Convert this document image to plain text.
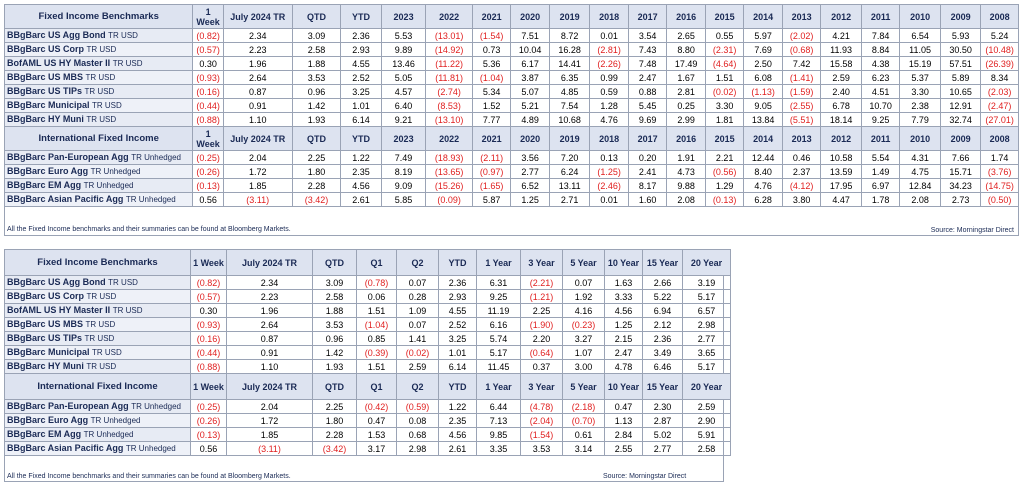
Fixed Income Benchmarks	1 Week	July 2024 TR	QTD	YTD	2023	2022	2021	2020	2019	2018	2017	2016	2015	2014	2013	2012	2011	2010	2009	2008
BBgBarc US Agg Bond TR USD	(0.82)	2.34	3.09	2.36	5.53	(13.01)	(1.54)	7.51	8.72	0.01	3.54	2.65	0.55	5.97	(2.02)	4.21	7.84	6.54	5.93	5.24
BBgBarc US Corp TR USD	(0.57)	2.23	2.58	2.93	9.89	(14.92)	0.73	10.04	16.28	(2.81)	7.43	8.80	(2.31)	7.69	(0.68)	11.93	8.84	11.05	30.50	(10.48)
BofAML US HY Master II TR USD	0.30	1.96	1.88	4.55	13.46	(11.22)	5.36	6.17	14.41	(2.26)	7.48	17.49	(4.64)	2.50	7.42	15.58	4.38	15.19	57.51	(26.39)
BBgBarc US MBS TR USD	(0.93)	2.64	3.53	2.52	5.05	(11.81)	(1.04)	3.87	6.35	0.99	2.47	1.67	1.51	6.08	(1.41)	2.59	6.23	5.37	5.89	8.34
BBgBarc US TIPs TR USD	(0.16)	0.87	0.96	3.25	4.57	(2.74)	5.34	5.07	4.85	0.59	0.88	2.81	(0.02)	(1.13)	(1.59)	2.40	4.51	3.30	10.65	(2.03)
BBgBarc Municipal TR USD	(0.44)	0.91	1.42	1.01	6.40	(8.53)	1.52	5.21	7.54	1.28	5.45	0.25	3.30	9.05	(2.55)	6.78	10.70	2.38	12.91	(2.47)
BBgBarc HY Muni TR USD	(0.88)	1.10	1.93	6.14	9.21	(13.10)	7.77	4.89	10.68	4.76	9.69	2.99	1.81	13.84	(5.51)	18.14	9.25	7.79	32.74	(27.01)
International Fixed Income	1 Week	July 2024 TR	QTD	YTD	2023	2022	2021	2020	2019	2018	2017	2016	2015	2014	2013	2012	2011	2010	2009	2008
BBgBarc Pan-European Agg TR Unhedged	(0.25)	2.04	2.25	1.22	7.49	(18.93)	(2.11)	3.56	7.20	0.13	0.20	1.91	2.21	12.44	0.46	10.58	5.54	4.31	7.66	1.74
BBgBarc Euro Agg TR Unhedged	(0.26)	1.72	1.80	2.35	8.19	(13.65)	(0.97)	2.77	6.24	(1.25)	2.41	4.73	(0.56)	8.40	2.37	13.59	1.49	4.75	15.71	(3.76)
BBgBarc EM Agg TR Unhedged	(0.13)	1.85	2.28	4.56	9.09	(15.26)	(1.65)	6.52	13.11	(2.46)	8.17	9.88	1.29	4.76	(4.12)	17.95	6.97	12.84	34.23	(14.75)
BBgBarc Asian Pacific Agg TR Unhedged	0.56	(3.11)	(3.42)	2.61	5.85	(0.09)	5.87	1.25	2.71	0.01	1.60	2.08	(0.13)	6.28	3.80	4.47	1.78	2.08	2.73	(0.50)
All the Fixed Income benchmarks and their summaries can be found at Bloomberg Markets.	Source: Morningstar Direct
Fixed Income Benchmarks	1 Week	July 2024 TR	QTD	Q1	Q2	YTD	1 Year	3 Year	5 Year	10 Year	15 Year	20 Year
BBgBarc US Agg Bond TR USD	(0.82)	2.34	3.09	(0.78)	0.07	2.36	6.31	(2.21)	0.07	1.63	2.66	3.19
BBgBarc US Corp TR USD	(0.57)	2.23	2.58	0.06	0.28	2.93	9.25	(1.21)	1.92	3.33	5.22	5.17
BofAML US HY Master II TR USD	0.30	1.96	1.88	1.51	1.09	4.55	11.19	2.25	4.16	4.56	6.94	6.57
BBgBarc US MBS TR USD	(0.93)	2.64	3.53	(1.04)	0.07	2.52	6.16	(1.90)	(0.23)	1.25	2.12	2.98
BBgBarc US TIPs TR USD	(0.16)	0.87	0.96	0.85	1.41	3.25	5.74	2.20	3.27	2.15	2.36	2.77
BBgBarc Municipal TR USD	(0.44)	0.91	1.42	(0.39)	(0.02)	1.01	5.17	(0.64)	1.07	2.47	3.49	3.65
BBgBarc HY Muni TR USD	(0.88)	1.10	1.93	1.51	2.59	6.14	11.45	0.37	3.00	4.78	6.46	5.17
International Fixed Income	1 Week	July 2024 TR	QTD	Q1	Q2	YTD	1 Year	3 Year	5 Year	10 Year	15 Year	20 Year
BBgBarc Pan-European Agg TR Unhedged	(0.25)	2.04	2.25	(0.42)	(0.59)	1.22	6.44	(4.78)	(2.18)	0.47	2.30	2.59
BBgBarc Euro Agg TR Unhedged	(0.26)	1.72	1.80	0.47	0.08	2.35	7.13	(2.04)	(0.70)	1.13	2.87	2.90
BBgBarc EM Agg TR Unhedged	(0.13)	1.85	2.28	1.53	0.68	4.56	9.85	(1.54)	0.61	2.84	5.02	5.91
BBgBarc Asian Pacific Agg TR Unhedged	0.56	(3.11)	(3.42)	3.17	2.98	2.61	3.35	3.53	3.14	2.55	2.77	2.58
All the Fixed Income benchmarks and their summaries can be found at Bloomberg Markets.	Source: Morningstar Direct
